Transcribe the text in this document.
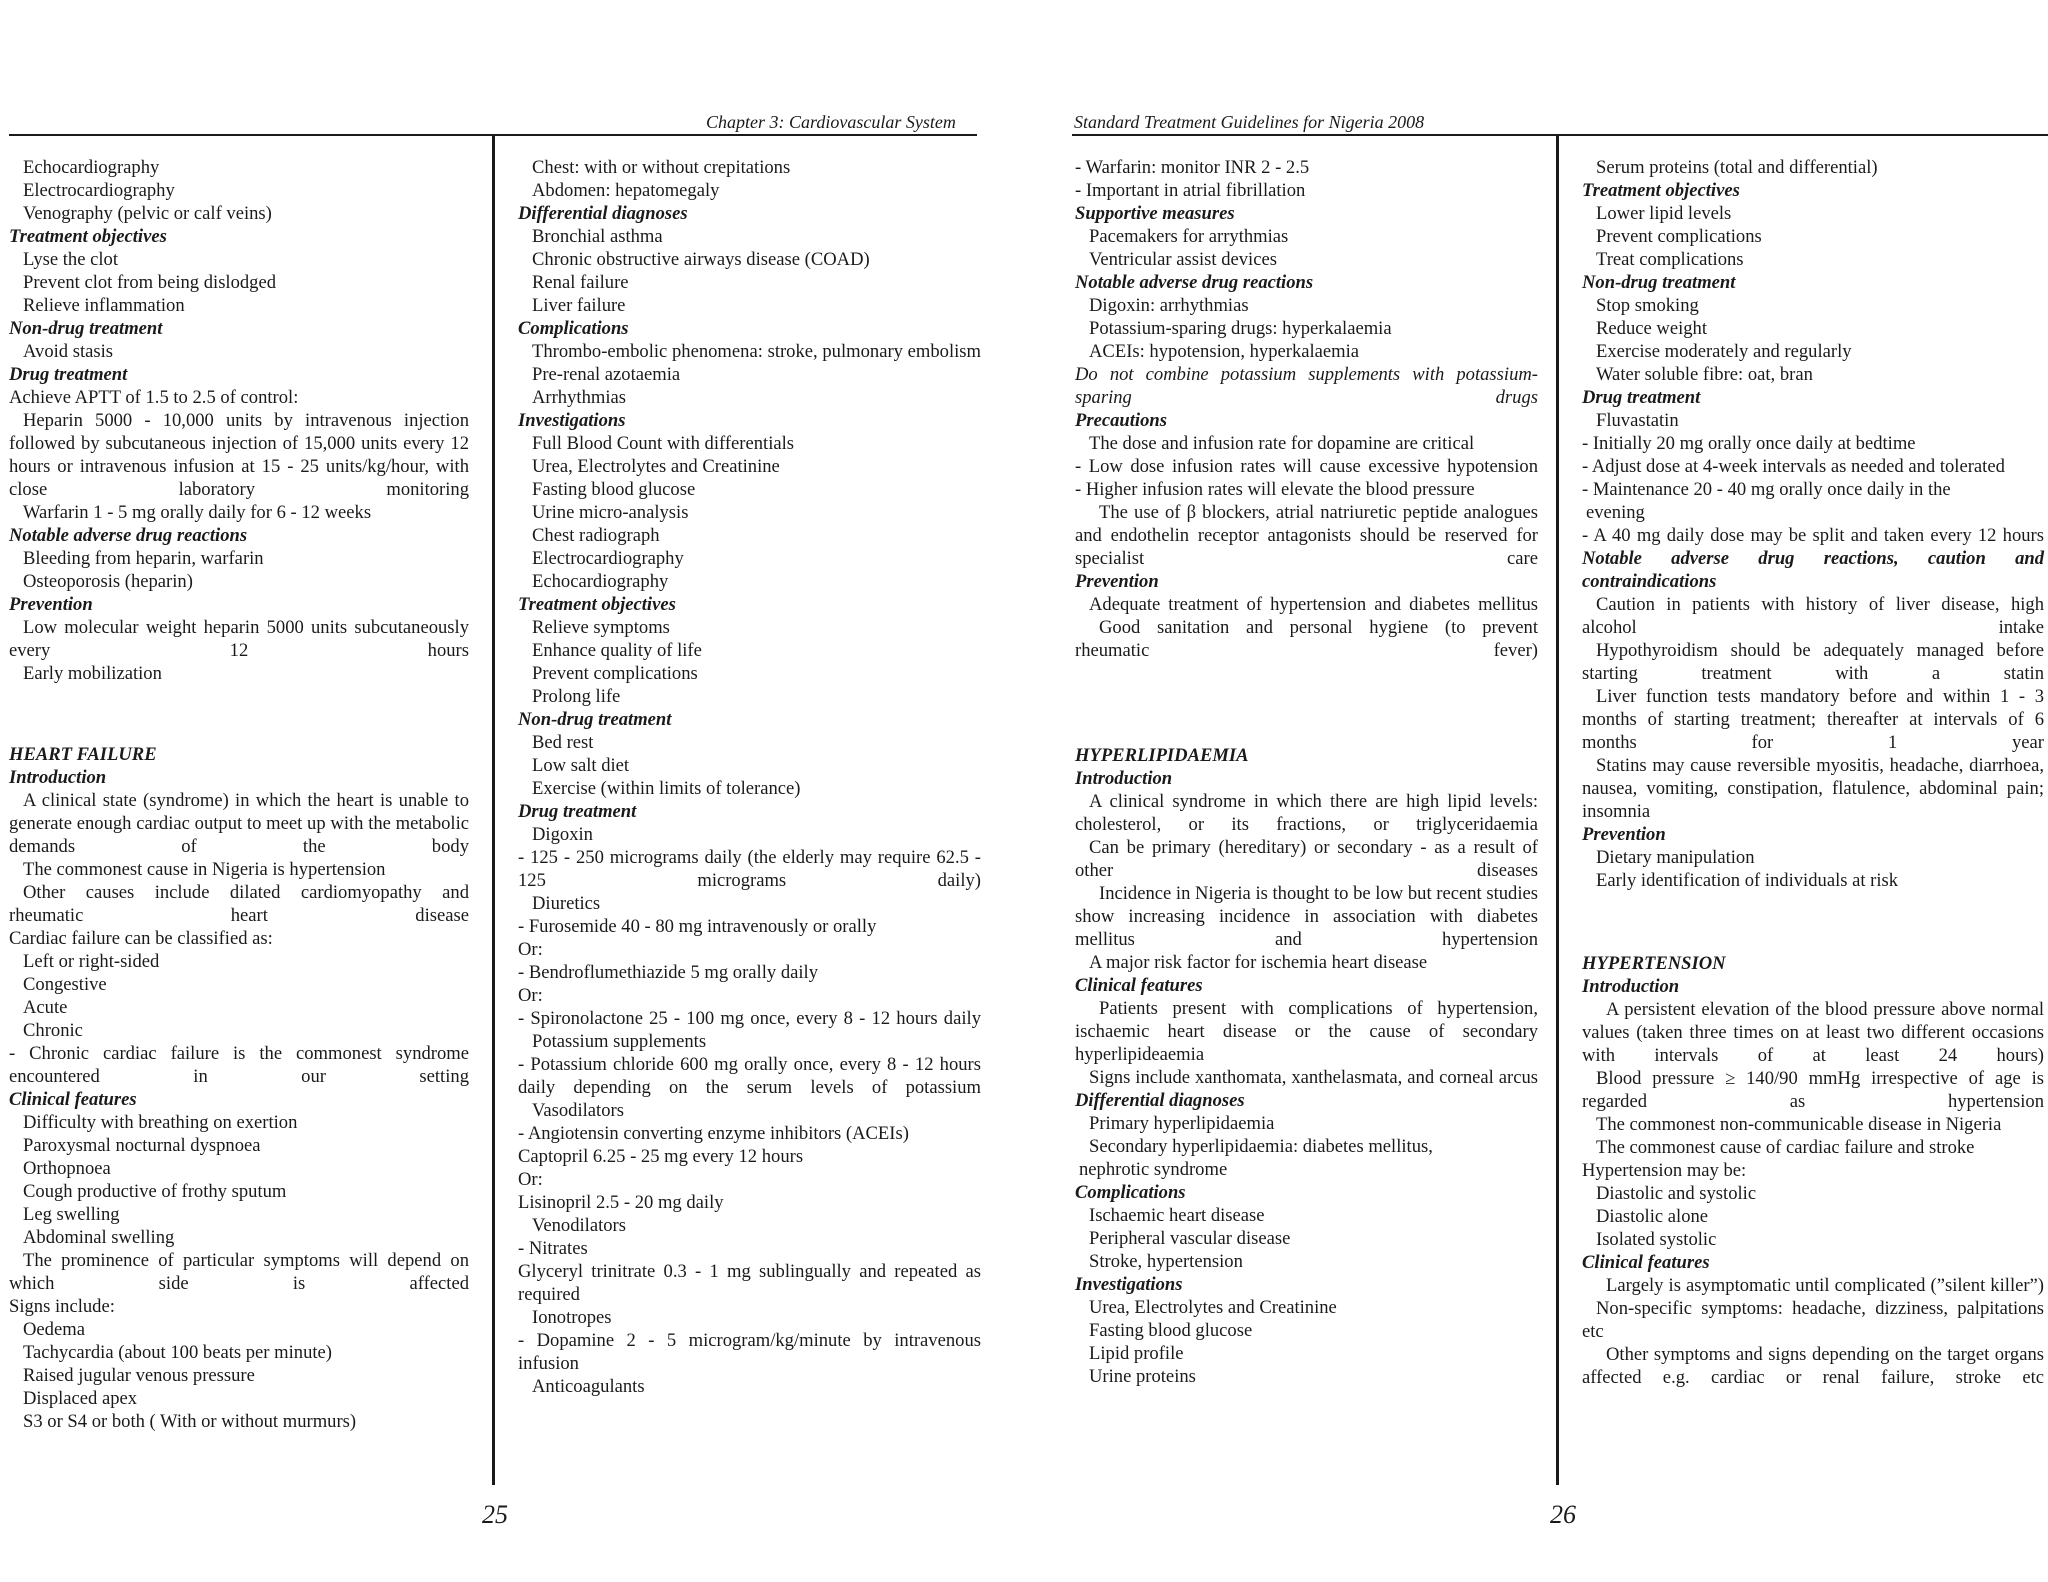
Chapter 3: Cardiovascular System	Standard Treatment Guidelines for Nigeria 2008
Echocardiography
Electrocardiography
Venography (pelvic or calf veins)
Treatment objectives
Lyse the clot
Prevent clot from being dislodged
Relieve inflammation
Non-drug treatment
Avoid stasis
Drug treatment
Achieve APTT of 1.5 to 2.5 of control:
Heparin 5000 - 10,000 units by intravenous injection followed by subcutaneous injection of 15,000 units every 12 hours or intravenous infusion at 15 - 25 units/kg/hour, with close laboratory monitoring
Warfarin 1 - 5 mg orally daily for 6 - 12 weeks
Notable adverse drug reactions
Bleeding from heparin, warfarin
Osteoporosis (heparin)
Prevention
Low molecular weight heparin 5000 units subcutaneously every 12 hours
Early mobilization
HEART FAILURE
Introduction
A clinical state (syndrome) in which the heart is unable to generate enough cardiac output to meet up with the metabolic demands of the body
The commonest cause in Nigeria is hypertension
Other causes include dilated cardiomyopathy and rheumatic heart disease
Cardiac failure can be classified as:
Left or right-sided
Congestive
Acute
Chronic
- Chronic cardiac failure is the commonest syndrome encountered in our setting
Clinical features
Difficulty with breathing on exertion
Paroxysmal nocturnal dyspnoea
Orthopnoea
Cough productive of frothy sputum
Leg swelling
Abdominal swelling
The prominence of particular symptoms will depend on which side is affected
Signs include:
Oedema
Tachycardia (about 100 beats per minute)
Raised jugular venous pressure
Displaced apex
S3 or S4 or both ( With or without murmurs)
Chest: with or without crepitations
Abdomen: hepatomegaly
Differential diagnoses
Bronchial asthma
Chronic obstructive airways disease (COAD)
Renal failure
Liver failure
Complications
Thrombo-embolic phenomena: stroke, pulmonary embolism
Pre-renal azotaemia
Arrhythmias
Investigations
Full Blood Count with differentials
Urea, Electrolytes and Creatinine
Fasting blood glucose
Urine micro-analysis
Chest radiograph
Electrocardiography
Echocardiography
Treatment objectives
Relieve symptoms
Enhance quality of life
Prevent complications
Prolong life
Non-drug treatment
Bed rest
Low salt diet
Exercise (within limits of tolerance)
Drug treatment
Digoxin
- 125 - 250 micrograms daily (the elderly may require 62.5 - 125 micrograms daily)
Diuretics
- Furosemide 40 - 80 mg intravenously or orally
Or:
- Bendroflumethiazide 5 mg orally daily
Or:
- Spironolactone 25 - 100 mg once, every 8 - 12 hours daily
Potassium supplements
- Potassium chloride 600 mg orally once, every 8 - 12 hours daily depending on the serum levels of potassium
Vasodilators
- Angiotensin converting enzyme inhibitors (ACEIs)
Captopril 6.25 - 25 mg every 12 hours
Or:
Lisinopril 2.5 - 20 mg daily
Venodilators
- Nitrates
Glyceryl trinitrate 0.3 - 1 mg sublingually and repeated as required
Ionotropes
- Dopamine 2 - 5 microgram/kg/minute by intravenous infusion
Anticoagulants
- Warfarin: monitor INR 2 - 2.5
- Important in atrial fibrillation
Supportive measures
Pacemakers for arrythmias
Ventricular assist devices
Notable adverse drug reactions
Digoxin: arrhythmias
Potassium-sparing drugs: hyperkalaemia
ACEIs: hypotension, hyperkalaemia
Do not combine potassium supplements with potassium-sparing drugs
Precautions
The dose and infusion rate for dopamine are critical
- Low dose infusion rates will cause excessive hypotension
- Higher infusion rates will elevate the blood pressure
The use of β blockers, atrial natriuretic peptide analogues and endothelin receptor antagonists should be reserved for specialist care
Prevention
Adequate treatment of hypertension and diabetes mellitus
Good sanitation and personal hygiene (to prevent rheumatic fever)
HYPERLIPIDAEMIA
Introduction
A clinical syndrome in which there are high lipid levels: cholesterol, or its fractions, or triglyceridaemia
Can be primary (hereditary) or secondary - as a result of other diseases
Incidence in Nigeria is thought to be low but recent studies show increasing incidence in association with diabetes mellitus and hypertension
A major risk factor for ischemia heart disease
Clinical features
Patients present with complications of hypertension, ischaemic heart disease or the cause of secondary hyperlipideaemia
Signs include xanthomata, xanthelasmata, and corneal arcus
Differential diagnoses
Primary hyperlipidaemia
Secondary hyperlipidaemia: diabetes mellitus,
nephrotic syndrome
Complications
Ischaemic heart disease
Peripheral vascular disease
Stroke, hypertension
Investigations
Urea, Electrolytes and Creatinine
Fasting blood glucose
Lipid profile
Urine proteins
Serum proteins (total and differential)
Treatment objectives
Lower lipid levels
Prevent complications
Treat complications
Non-drug treatment
Stop smoking
Reduce weight
Exercise moderately and regularly
Water soluble fibre: oat, bran
Drug treatment
Fluvastatin
- Initially 20 mg orally once daily at bedtime
- Adjust dose at 4-week intervals as needed and tolerated
- Maintenance 20 - 40 mg orally once daily in the
evening
- A 40 mg daily dose may be split and taken every 12 hours
Notable adverse drug reactions, caution and contraindications
Caution in patients with history of liver disease, high alcohol intake
Hypothyroidism should be adequately managed before starting treatment with a statin
Liver function tests mandatory before and within 1 - 3 months of starting treatment; thereafter at intervals of 6 months for 1 year
Statins may cause reversible myositis, headache, diarrhoea, nausea, vomiting, constipation, flatulence, abdominal pain; insomnia
Prevention
Dietary manipulation
Early identification of individuals at risk
HYPERTENSION
Introduction
A persistent elevation of the blood pressure above normal values (taken three times on at least two different occasions with intervals of at least 24 hours)
Blood pressure ≥ 140/90 mmHg irrespective of age is regarded as hypertension
The commonest non-communicable disease in Nigeria
The commonest cause of cardiac failure and stroke
Hypertension may be:
Diastolic and systolic
Diastolic alone
Isolated systolic
Clinical features
Largely is asymptomatic until complicated (”silent killer”)
Non-specific symptoms: headache, dizziness, palpitations etc
Other symptoms and signs depending on the target organs affected e.g. cardiac or renal failure, stroke etc
25	26
